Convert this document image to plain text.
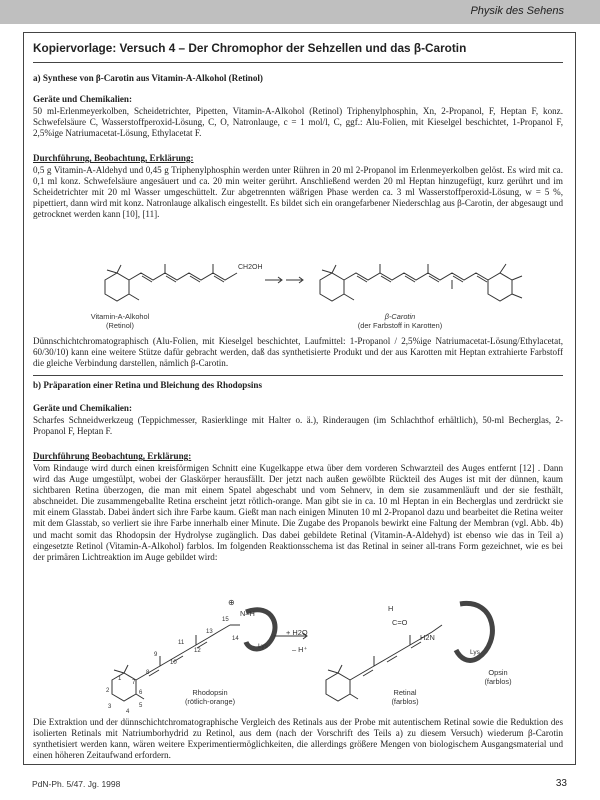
Physik des Sehens
Kopiervorlage: Versuch 4 – Der Chromophor der Sehzellen und das β-Carotin
a) Synthese von β-Carotin aus Vitamin-A-Alkohol (Retinol)
Geräte und Chemikalien:
50 ml-Erlenmeyerkolben, Scheidetrichter, Pipetten, Vitamin-A-Alkohol (Retinol) Triphenylphosphin, Xn, 2-Propanol, F, Heptan F, konz. Schwefelsäure C, Wasserstoffperoxid-Lösung, C, O, Natronlauge, c = 1 mol/l, C, ggf.: Alu-Folien, mit Kieselgel beschichtet, 1-Propanol F, 2,5%ige Natriumacetat-Lösung, Ethylacetat F.
Durchführung, Beobachtung, Erklärung:
0,5 g Vitamin-A-Aldehyd und 0,45 g Triphenylphosphin werden unter Rühren in 20 ml 2-Propanol im Erlenmeyerkolben gelöst. Es wird mit ca. 0,1 ml konz. Schwefelsäure angesäuert und ca. 20 min weiter gerührt. Anschließend werden 20 ml Heptan hinzugefügt, kurz gerührt und im Scheidetrichter mit 20 ml Wasser umgeschüttelt. Zur abgetrennten wäßrigen Phase werden ca. 3 ml Wasserstoffperoxid-Lösung, w = 5 %, pipettiert, dann wird mit konz. Natronlauge alkalisch eingestellt. Es bildet sich ein orangefarbener Niederschlag aus β-Carotin, der abgesaugt und getrocknet werden kann [10], [11].
CH2OH
Vitamin-A-Alkohol
(Retinol)
β-Carotin
(der Farbstoff in Karotten)
Dünnschichtchromatographisch (Alu-Folien, mit Kieselgel beschichtet, Laufmittel: 1-Propanol / 2,5%ige Natriumacetat-Lösung/Ethylacetat, 60/30/10) kann eine weitere Stütze dafür gebracht werden, daß das synthetisierte Produkt und der aus Karotten mit Heptan extrahierte Farbstoff die gleiche Verbindung darstellen, nämlich β-Carotin.
b) Präparation einer Retina und Bleichung des Rhodopsins
Geräte und Chemikalien:
Scharfes Schneidwerkzeug (Teppichmesser, Rasierklinge mit Halter o. ä.), Rinderaugen (im Schlachthof erhältlich), 50-ml Becherglas, 2-Propanol F, Heptan F.
Durchführung Beobachtung, Erklärung:
Vom Rindauge wird durch einen kreisförmigen Schnitt eine Kugelkappe etwa über dem vorderen Schwarzteil des Auges entfernt [12] . Dann wird das Auge umgestülpt, wobei der Glaskörper herausfällt. Der jetzt nach außen gewölbte Rückteil des Auges ist mit der dünnen, kaum sichtbaren Retina überzogen, die man mit einem Spatel abgeschabt und vom Sehnerv, in dem sie zusammenläuft und der sie festhält, abschneidet. Die zusammengeballte Retina erscheint jetzt rötlich-orange. Man gibt sie in ca. 10 ml Heptan in ein Becherglas und zerdrückt sie mit einem Glasstab. Dabei ändert sich ihre Farbe kaum. Gießt man nach einigen Minuten 10 ml 2-Propanol dazu und bearbeitet die Retina weiter mit dem Glasstab, so verliert sie ihre Farbe innerhalb einer Minute. Die Zugabe des Propanols bewirkt eine Faltung der Membran (vgl. Abb. 4b) und macht somit das Rhodopsin der Hydrolyse zugänglich. Das dabei gebildete Retinal (Vitamin-A-Aldehyd) ist ebenso wie das in Teil a) eingesetzte Retinol (Vitamin-A-Alkohol) farblos. Im folgenden Reaktionsschema ist das Retinal in seiner all-trans Form gezeichnet, wie es bei der primären Lichtreaktion im Auge gebildet wird:
N–H
⊕
Lys
+ H2O
– H⁺
H
C=O
H2N
Lys
15
14
13
12
11
10
9
8
7
6
5
4
3
2
1
Rhodopsin
(rötlich-orange)
Retinal
(farblos)
Opsin
(farblos)
Die Extraktion und der dünnschichtchromatographische Vergleich des Retinals aus der Probe mit autentischem Retinal sowie die Reduktion des isolierten Retinals mit Natriumborhydrid zu Retinol, aus dem (nach der Vorschrift des Teils a) zu diesem Versuch) wiederum β-Carotin synthetisiert werden kann, wären weitere Experimentiermöglichkeiten, die allerdings größere Mengen von biologischem Ausgangsmaterial und einen höheren Zeitaufwand erfordern.
PdN-Ph. 5/47. Jg. 1998	33
